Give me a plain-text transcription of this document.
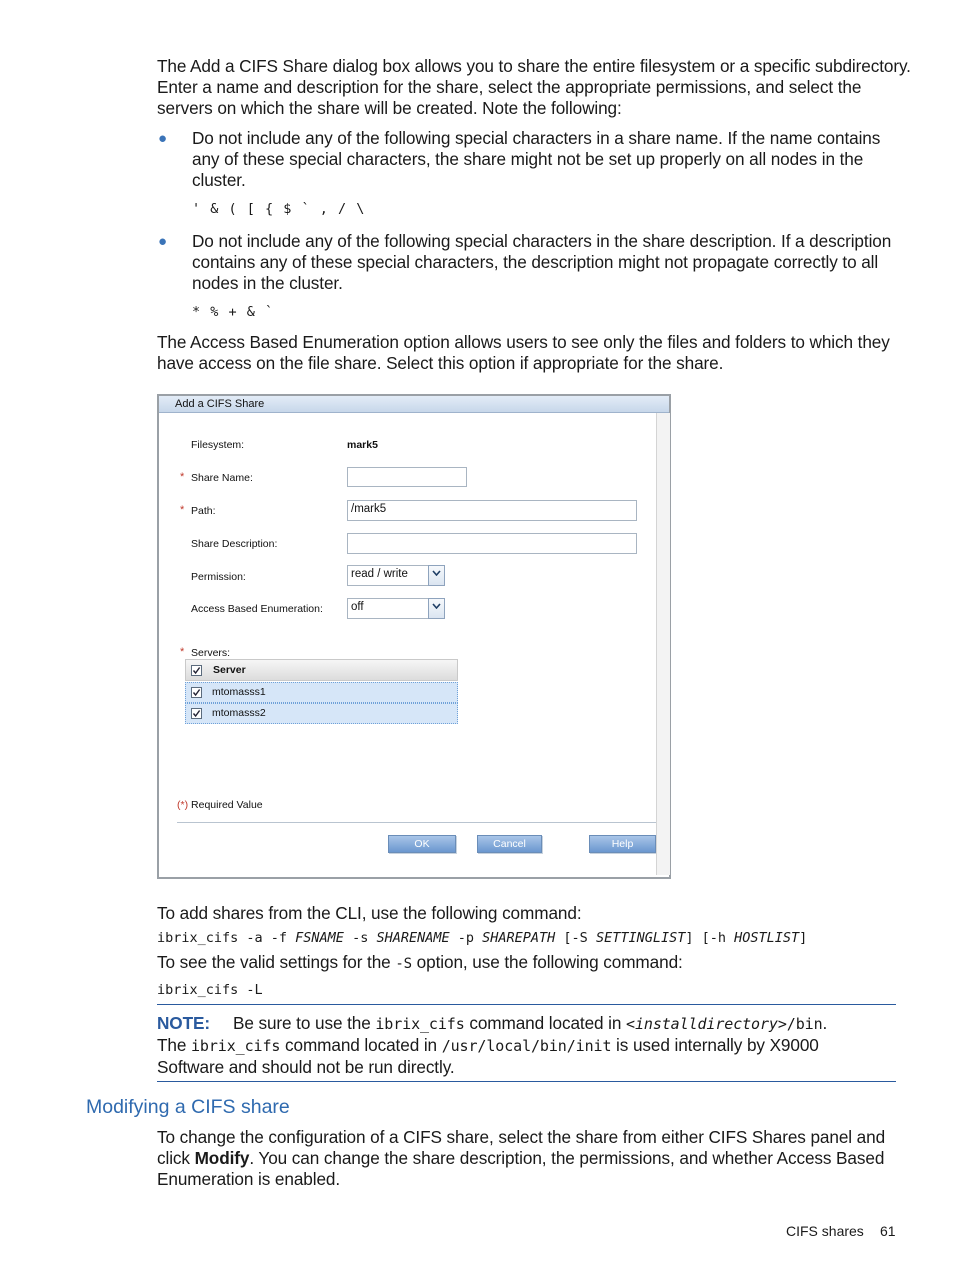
The Add a CIFS Share dialog box allows you to share the entire filesystem or a specific subdirectory.
Enter a name and description for the share, select the appropriate permissions, and select the
servers on which the share will be created. Note the following:
● Do not include any of the following special characters in a share name. If the name contains
any of these special characters, the share might not be set up properly on all nodes in the
cluster.
' & ( [ { $ ` , / \
● Do not include any of the following special characters in the share description. If a description
contains any of these special characters, the description might not propagate correctly to all
nodes in the cluster.
* % + & `
The Access Based Enumeration option allows users to see only the files and folders to which they
have access on the file share. Select this option if appropriate for the share.
Add a CIFS Share
Filesystem:	mark5
* Share Name:
* Path:	/mark5
Share Description:
Permission:	read / write
Access Based Enumeration:	off
* Servers:
Server
mtomasss1
mtomasss2
(*) Required Value
OK	Cancel	Help
To add shares from the CLI, use the following command:
ibrix_cifs -a -f FSNAME -s SHARENAME -p SHAREPATH [-S SETTINGLIST] [-h HOSTLIST]
To see the valid settings for the -S option, use the following command:
ibrix_cifs -L
NOTE: Be sure to use the ibrix_cifs command located in <installdirectory>/bin.
The ibrix_cifs command located in /usr/local/bin/init is used internally by X9000
Software and should not be run directly.
Modifying a CIFS share
To change the configuration of a CIFS share, select the share from either CIFS Shares panel and
click Modify. You can change the share description, the permissions, and whether Access Based
Enumeration is enabled.
CIFS shares 61
